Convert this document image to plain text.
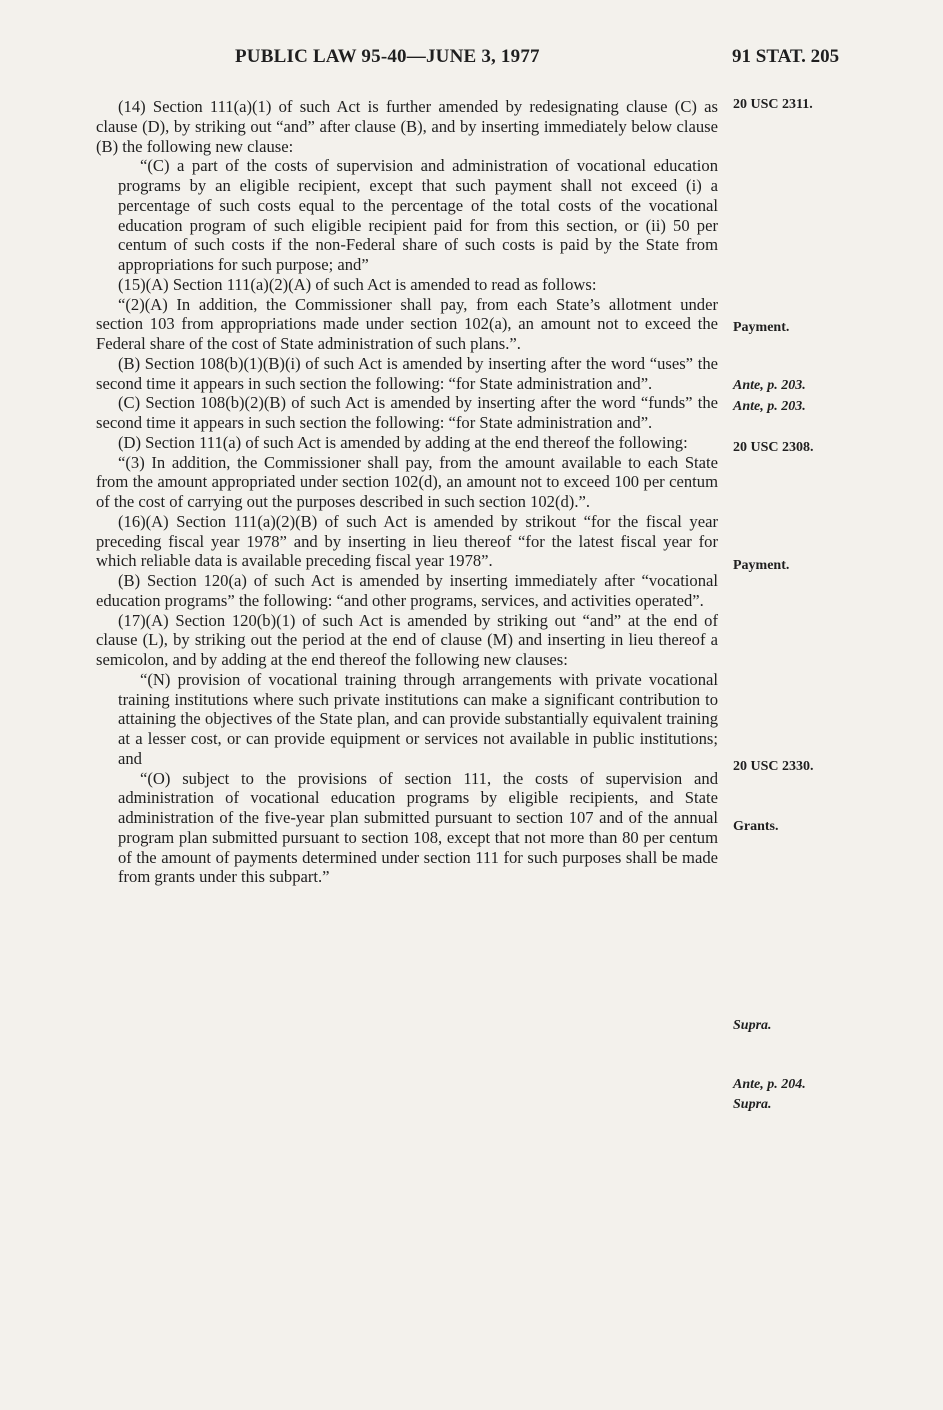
PUBLIC LAW 95-40—JUNE 3, 1977	91 STAT. 205

(14) Section 111(a)(1) of such Act is further amended by redesignating clause (C) as clause (D), by striking out “and” after clause (B), and by inserting immediately below clause (B) the following new clause:

“(C) a part of the costs of supervision and administration of vocational education programs by an eligible recipient, except that such payment shall not exceed (i) a percentage of such costs equal to the percentage of the total costs of the vocational education program of such eligible recipient paid for from this section, or (ii) 50 per centum of such costs if the non-Federal share of such costs is paid by the State from appropriations for such purpose; and”

(15)(A) Section 111(a)(2)(A) of such Act is amended to read as follows:

“(2)(A) In addition, the Commissioner shall pay, from each State’s allotment under section 103 from appropriations made under section 102(a), an amount not to exceed the Federal share of the cost of State administration of such plans.”.

(B) Section 108(b)(1)(B)(i) of such Act is amended by inserting after the word “uses” the second time it appears in such section the following: “for State administration and”.

(C) Section 108(b)(2)(B) of such Act is amended by inserting after the word “funds” the second time it appears in such section the following: “for State administration and”.

(D) Section 111(a) of such Act is amended by adding at the end thereof the following:

“(3) In addition, the Commissioner shall pay, from the amount available to each State from the amount appropriated under section 102(d), an amount not to exceed 100 per centum of the cost of carrying out the purposes described in such section 102(d).”.

(16)(A) Section 111(a)(2)(B) of such Act is amended by strikout “for the fiscal year preceding fiscal year 1978” and by inserting in lieu thereof “for the latest fiscal year for which reliable data is available preceding fiscal year 1978”.

(B) Section 120(a) of such Act is amended by inserting immediately after “vocational education programs” the following: “and other programs, services, and activities operated”.

(17)(A) Section 120(b)(1) of such Act is amended by striking out “and” at the end of clause (L), by striking out the period at the end of clause (M) and inserting in lieu thereof a semicolon, and by adding at the end thereof the following new clauses:

“(N) provision of vocational training through arrangements with private vocational training institutions where such private institutions can make a significant contribution to attaining the objectives of the State plan, and can provide substantially equivalent training at a lesser cost, or can provide equipment or services not available in public institutions; and

“(O) subject to the provisions of section 111, the costs of supervision and administration of vocational education programs by eligible recipients, and State administration of the five-year plan submitted pursuant to section 107 and of the annual program plan submitted pursuant to section 108, except that not more than 80 per centum of the amount of payments determined under section 111 for such purposes shall be made from grants under this subpart.”

20 USC 2311.
Payment.
Ante, p. 203.
Ante, p. 203.
20 USC 2308.
Payment.
20 USC 2330.
Grants.
Supra.
Ante, p. 204.
Supra.
